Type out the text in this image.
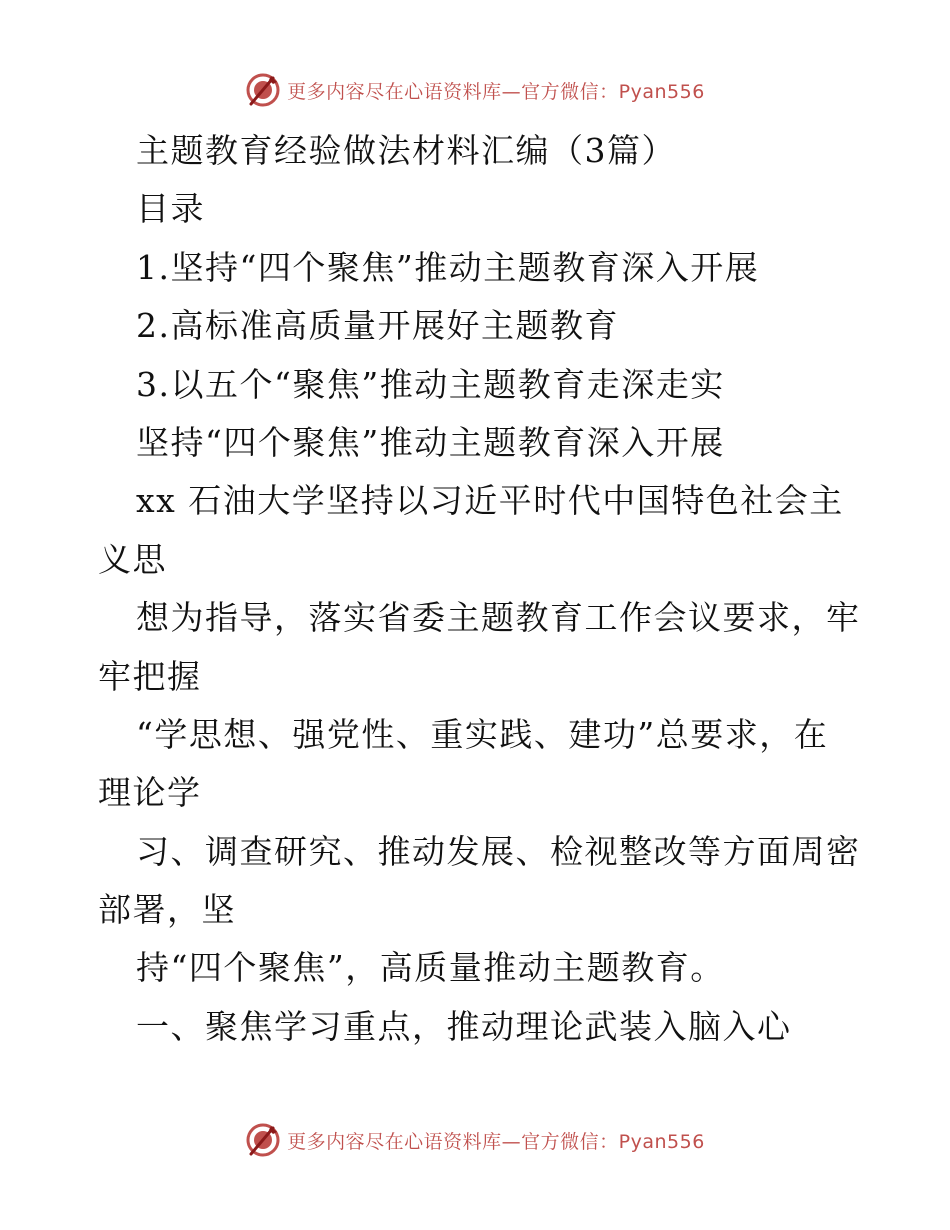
更多内容尽在心语资料库—官方微信：Pyan556
主题教育经验做法材料汇编（3篇）
目录
1.坚持“四个聚焦”推动主题教育深入开展
2.高标准高质量开展好主题教育
3.以五个“聚焦”推动主题教育走深走实
坚持“四个聚焦”推动主题教育深入开展
xx 石油大学坚持以习近平时代中国特色社会主
义思
想为指导，落实省委主题教育工作会议要求，牢
牢把握
“学思想、强党性、重实践、建功”总要求，在
理论学
习、调查研究、推动发展、检视整改等方面周密
部署，坚
持“四个聚焦”，高质量推动主题教育。
一、聚焦学习重点，推动理论武装入脑入心
更多内容尽在心语资料库—官方微信：Pyan556
